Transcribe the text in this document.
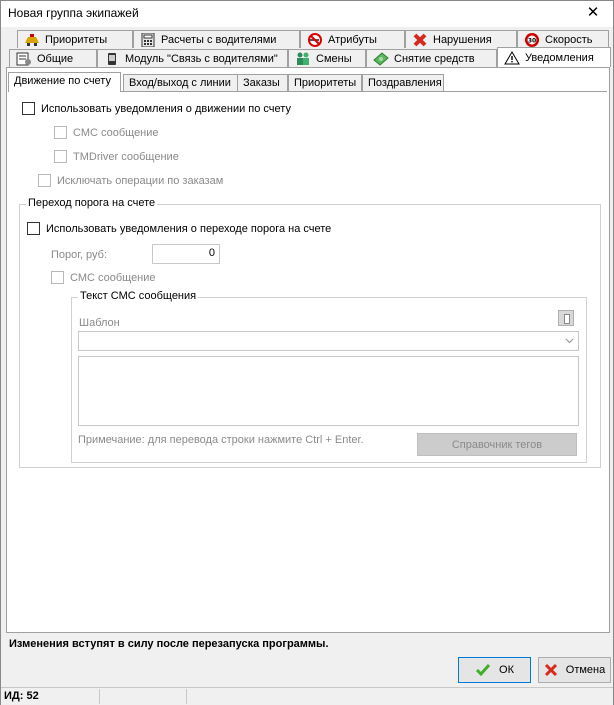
Новая группа экипажей	✕
Приоритеты	Расчеты с водителями	Атрибуты	Нарушения	30 Скорость
Общие	Модуль "Связь с водителями"	Смены	Снятие средств	Уведомления
Движение по счету	Вход/выход с линии	Заказы	Приоритеты	Поздравления
Использовать уведомления о движении по счету
СМС сообщение
TMDriver сообщение
Исключать операции по заказам
Переход порога на счете
Использовать уведомления о переходе порога на счете
Порог, руб:	0
СМС сообщение
Текст СМС сообщения
Шаблон
Примечание: для перевода строки нажмите Ctrl + Enter.	Справочник тегов
Изменения вступят в силу после перезапуска программы.
ОК	Отмена
ИД: 52
